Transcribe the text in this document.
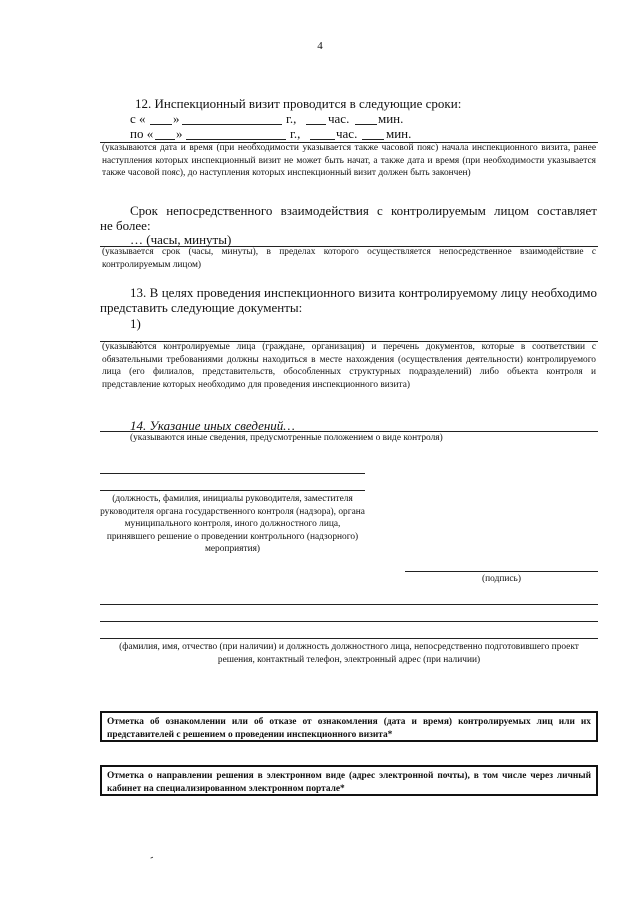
4
12. Инспекционный визит проводится в следующие сроки:
с « »	г., час. мин.
по « »	г.,	час. мин.
(указываются дата и время (при необходимости указывается также часовой пояс) начала инспекционного визита, ранее наступления которых инспекционный визит не может быть начат, а также дата и время (при необходимости указывается также часовой пояс), до наступления которых инспекционный визит должен быть закончен)
Срок непосредственного взаимодействия с контролируемым лицом составляет
не более:
… (часы, минуты)
(указывается срок (часы, минуты), в пределах которого осуществляется непосредственное взаимодействие с контролируемым лицом)
13. В целях проведения инспекционного визита контролируемому лицу необходимо
представить следующие документы:
1)
…
(указываются контролируемые лица (граждане, организация) и перечень документов, которые в соответствии с обязательными требованиями должны находиться в месте нахождения (осуществления деятельности) контролируемого лица (его филиалов, представительств, обособленных структурных подразделений) либо объекта контроля и представление которых необходимо для проведения инспекционного визита)
14. Указание иных сведений…
(указываются иные сведения, предусмотренные положением о виде контроля)
(должность, фамилия, инициалы руководителя, заместителя руководителя органа государственного контроля (надзора), органа муниципального контроля, иного должностного лица, принявшего решение о проведении контрольного (надзорного) мероприятия)
(подпись)
(фамилия, имя, отчество (при наличии) и должность должностного лица, непосредственно подготовившего проект решения, контактный телефон, электронный адрес (при наличии)
Отметка об ознакомлении или об отказе от ознакомления (дата и время) контролируемых лиц или их представителей с решением о проведении инспекционного визита*
Отметка о направлении решения в электронном виде (адрес электронной почты), в том числе через личный кабинет на специализированном электронном портале*
-
